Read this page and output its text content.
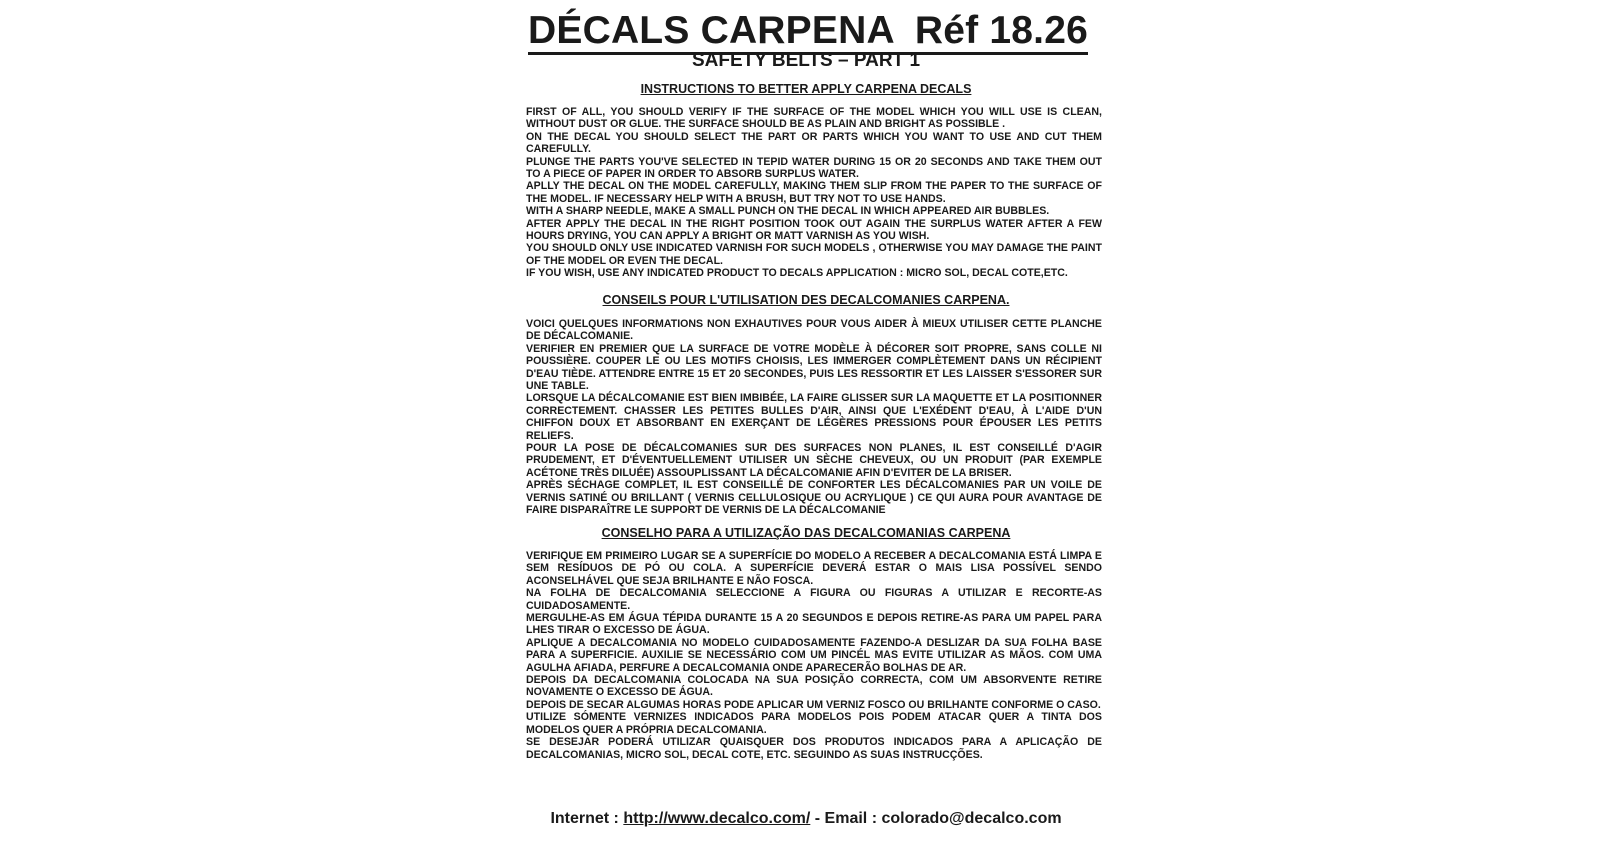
DÉCALS CARPENA Réf 18.26
SAFETY BELTS – PART 1
INSTRUCTIONS TO BETTER APPLY CARPENA DECALS

FIRST OF ALL, YOU SHOULD VERIFY IF THE SURFACE OF THE MODEL WHICH YOU WILL USE IS CLEAN, WITHOUT DUST OR GLUE. THE SURFACE SHOULD BE AS PLAIN AND BRIGHT AS POSSIBLE .

ON THE DECAL YOU SHOULD SELECT THE PART OR PARTS WHICH YOU WANT TO USE AND CUT THEM CAREFULLY.

PLUNGE THE PARTS YOU'VE SELECTED IN TEPID WATER DURING 15 OR 20 SECONDS AND TAKE THEM OUT TO A PIECE OF PAPER IN ORDER TO ABSORB SURPLUS WATER.

APLLY THE DECAL ON THE MODEL CAREFULLY, MAKING THEM SLIP FROM THE PAPER TO THE SURFACE OF THE MODEL. IF NECESSARY HELP WITH A BRUSH, BUT TRY NOT TO USE HANDS.

WITH A SHARP NEEDLE, MAKE A SMALL PUNCH ON THE DECAL IN WHICH APPEARED AIR BUBBLES.

AFTER APPLY THE DECAL IN THE RIGHT POSITION TOOK OUT AGAIN THE SURPLUS WATER AFTER A FEW HOURS DRYING, YOU CAN APPLY A BRIGHT OR MATT VARNISH AS YOU WISH.

YOU SHOULD ONLY USE INDICATED VARNISH FOR SUCH MODELS , OTHERWISE YOU MAY DAMAGE THE PAINT OF THE MODEL OR EVEN THE DECAL.

IF YOU WISH, USE ANY INDICATED PRODUCT TO DECALS APPLICATION : MICRO SOL, DECAL COTE,ETC.

CONSEILS POUR L'UTILISATION DES DECALCOMANIES CARPENA.

VOICI QUELQUES INFORMATIONS NON EXHAUTIVES POUR VOUS AIDER À MIEUX UTILISER CETTE PLANCHE DE DÉCALCOMANIE.

VERIFIER EN PREMIER QUE LA SURFACE DE VOTRE MODÈLE À DÉCORER SOIT PROPRE, SANS COLLE NI POUSSIÈRE. COUPER LE OU LES MOTIFS CHOISIS, LES IMMERGER COMPLÈTEMENT DANS UN RÉCIPIENT D'EAU TIÈDE. ATTENDRE ENTRE 15 ET 20 SECONDES, PUIS LES RESSORTIR ET LES LAISSER S'ESSORER SUR UNE TABLE.

LORSQUE LA DÉCALCOMANIE EST BIEN IMBIBÉE, LA FAIRE GLISSER SUR LA MAQUETTE ET LA POSITIONNER CORRECTEMENT. CHASSER LES PETITES BULLES D'AIR, AINSI QUE L'EXÉDENT D'EAU, À L'AIDE D'UN CHIFFON DOUX ET ABSORBANT EN EXERÇANT DE LÉGÈRES PRESSIONS POUR ÉPOUSER LES PETITS RELIEFS.

POUR LA POSE DE DÉCALCOMANIES SUR DES SURFACES NON PLANES, IL EST CONSEILLÉ D'AGIR PRUDEMENT, ET D'ÉVENTUELLEMENT UTILISER UN SÈCHE CHEVEUX, OU UN PRODUIT (PAR EXEMPLE ACÉTONE TRÈS DILUÉE) ASSOUPLISSANT LA DÉCALCOMANIE AFIN D'EVITER DE LA BRISER.

APRÈS SÉCHAGE COMPLET, IL EST CONSEILLÉ DE CONFORTER LES DÉCALCOMANIES PAR UN VOILE DE VERNIS SATINÉ OU BRILLANT ( VERNIS CELLULOSIQUE OU ACRYLIQUE ) CE QUI AURA POUR AVANTAGE DE FAIRE DISPARAÎTRE LE SUPPORT DE VERNIS DE LA DÉCALCOMANIE

CONSELHO PARA A UTILIZAÇÃO DAS DECALCOMANIAS CARPENA

VERIFIQUE EM PRIMEIRO LUGAR SE A SUPERFÍCIE DO MODELO A RECEBER A DECALCOMANIA ESTÁ LIMPA E SEM RESÍDUOS DE PÓ OU COLA. A SUPERFÍCIE DEVERÁ ESTAR O MAIS LISA POSSÍVEL SENDO ACONSELHÁVEL QUE SEJA BRILHANTE E NÃO FOSCA.

NA FOLHA DE DECALCOMANIA SELECCIONE A FIGURA OU FIGURAS A UTILIZAR E RECORTE-AS CUIDADOSAMENTE.

MERGULHE-AS EM ÁGUA TÉPIDA DURANTE 15 A 20 SEGUNDOS E DEPOIS RETIRE-AS PARA UM PAPEL PARA LHES TIRAR O EXCESSO DE ÁGUA.

APLIQUE A DECALCOMANIA NO MODELO CUIDADOSAMENTE FAZENDO-A DESLIZAR DA SUA FOLHA BASE PARA A SUPERFICIE. AUXILIE SE NECESSÁRIO COM UM PINCÉL MAS EVITE UTILIZAR AS MÃOS. COM UMA AGULHA AFIADA, PERFURE A DECALCOMANIA ONDE APARECERÃO BOLHAS DE AR.

DEPOIS DA DECALCOMANIA COLOCADA NA SUA POSIÇÃO CORRECTA, COM UM ABSORVENTE RETIRE NOVAMENTE O EXCESSO DE ÁGUA.

DEPOIS DE SECAR ALGUMAS HORAS PODE APLICAR UM VERNIZ FOSCO OU BRILHANTE CONFORME O CASO.

UTILIZE SÓMENTE VERNIZES INDICADOS PARA MODELOS POIS PODEM ATACAR QUER A TINTA DOS MODELOS QUER A PRÓPRIA DECALCOMANIA.

SE DESEJAR PODERÁ UTILIZAR QUAISQUER DOS PRODUTOS INDICADOS PARA A APLICAÇÃO DE DECALCOMANIAS, MICRO SOL, DECAL COTE, ETC. SEGUINDO AS SUAS INSTRUCÇÕES.

Internet : http://www.decalco.com/ - Email : colorado@decalco.com
